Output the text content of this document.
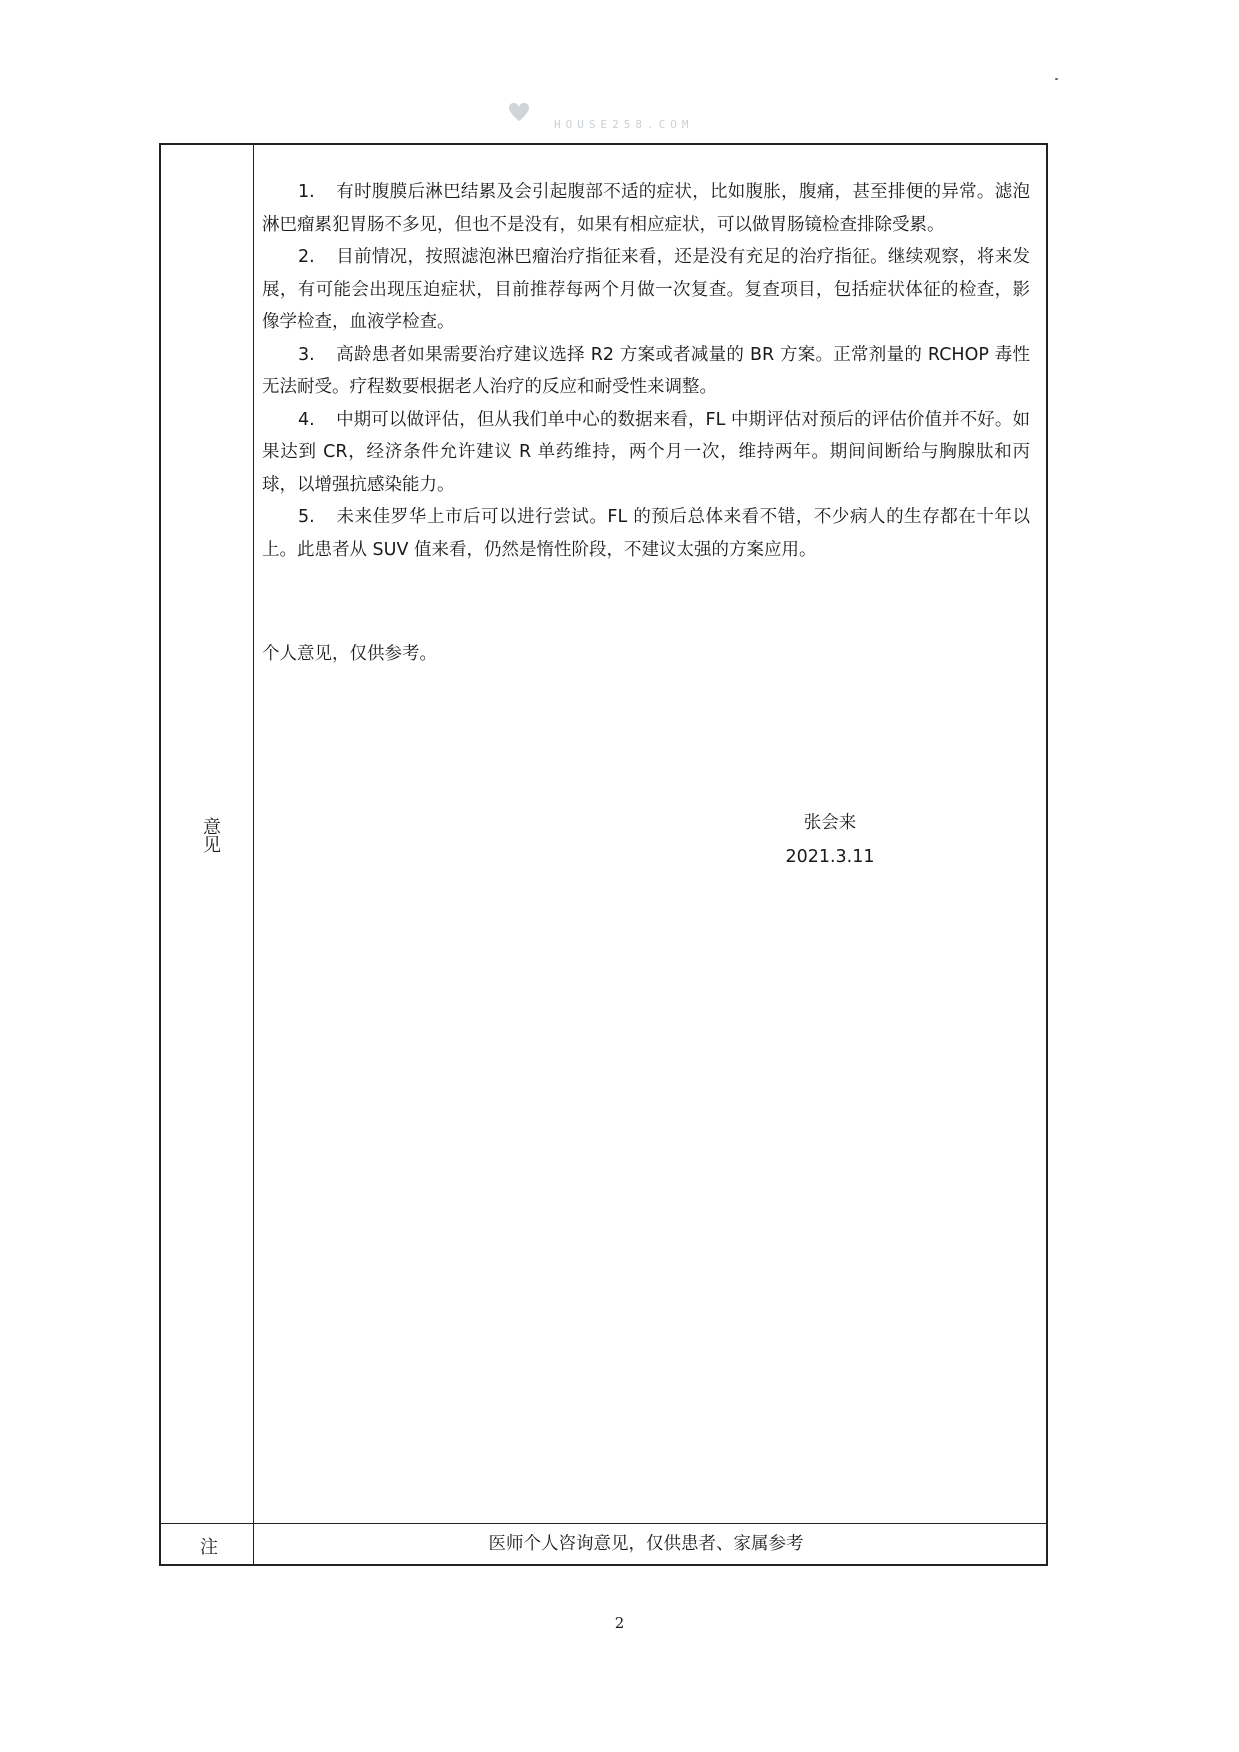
HOUSE258.COM
意见
注

1. 有时腹膜后淋巴结累及会引起腹部不适的症状，比如腹胀，腹痛，甚至排便的异常。滤泡淋巴瘤累犯胃肠不多见，但也不是没有，如果有相应症状，可以做胃肠镜检查排除受累。

2. 目前情况，按照滤泡淋巴瘤治疗指征来看，还是没有充足的治疗指征。继续观察，将来发展，有可能会出现压迫症状，目前推荐每两个月做一次复查。复查项目，包括症状体征的检查，影像学检查，血液学检查。

3. 高龄患者如果需要治疗建议选择 R2 方案或者减量的 BR 方案。正常剂量的 RCHOP 毒性无法耐受。疗程数要根据老人治疗的反应和耐受性来调整。

4. 中期可以做评估，但从我们单中心的数据来看，FL 中期评估对预后的评估价值并不好。如果达到 CR，经济条件允许建议 R 单药维持，两个月一次，维持两年。期间间断给与胸腺肽和丙球，以增强抗感染能力。

5. 未来佳罗华上市后可以进行尝试。FL 的预后总体来看不错，不少病人的生存都在十年以上。此患者从 SUV 值来看，仍然是惰性阶段，不建议太强的方案应用。

个人意见，仅供参考。
张会来
2021.3.11
医师个人咨询意见，仅供患者、家属参考
2
